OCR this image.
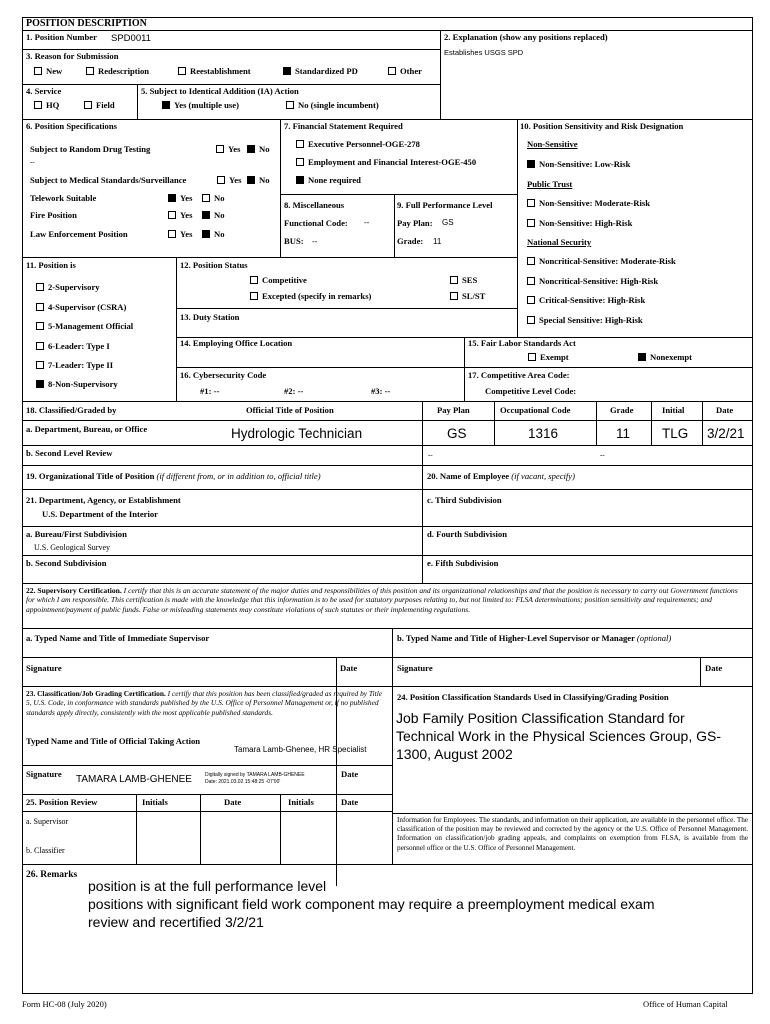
POSITION DESCRIPTION
1. Position Number SPD0011	2. Explanation (show any positions replaced)
Establishes USGS SPD
3. Reason for Submission
New	Redescription	Reestablishment	Standardized PD	Other
4. Service
HQ	Field
5. Subject to Identical Addition (IA) Action
Yes (multiple use)	No (single incumbent)
6. Position Specifications
Subject to Random Drug Testing	Yes	No
--
Subject to Medical Standards/Surveillance	Yes	No
Telework Suitable	Yes	No
Fire Position	Yes	No
Law Enforcement Position	Yes	No
7. Financial Statement Required
Executive Personnel-OGE-278
Employment and Financial Interest-OGE-450
None required
8. Miscellaneous
Functional Code: --
BUS: --
9. Full Performance Level
Pay Plan: GS
Grade: 11
10. Position Sensitivity and Risk Designation
Non-Sensitive
Non-Sensitive: Low-Risk
Public Trust
Non-Sensitive: Moderate-Risk
Non-Sensitive: High-Risk
National Security
Noncritical-Sensitive: Moderate-Risk
Noncritical-Sensitive: High-Risk
Critical-Sensitive: High-Risk
Special Sensitive: High-Risk
11. Position is
2-Supervisory
4-Supervisor (CSRA)
5-Management Official
6-Leader: Type I
7-Leader: Type II
8-Non-Supervisory
12. Position Status
Competitive
Excepted (specify in remarks)
SES
SL/ST
13. Duty Station
14. Employing Office Location	15. Fair Labor Standards Act
Exempt	Nonexempt
16. Cybersecurity Code
#1: --	#2: --	#3: --
17. Competitive Area Code:
Competitive Level Code:
18. Classified/Graded by	Official Title of Position	Pay Plan	Occupational Code	Grade	Initial	Date
a. Department, Bureau, or Office	Hydrologic Technician	GS	1316	11 TLG 3/2/21
b. Second Level Review	--	--
19. Organizational Title of Position (if different from, or in addition to, official title)	20. Name of Employee (if vacant, specify)
21. Department, Agency, or Establishment
U.S. Department of the Interior
c. Third Subdivision
a. Bureau/First Subdivision
U.S. Geological Survey
d. Fourth Subdivision
b. Second Subdivision	e. Fifth Subdivision
22. Supervisory Certification. I certify that this is an accurate statement of the major duties and responsibilities of this position and its organizational relationships and that the position is necessary to carry out Government functions for which I am responsible. This certification is made with the knowledge that this information is to be used for statutory purposes relating to, but not limited to: FLSA determinations; position sensitivity and requirements; and appointment/payment of public funds. False or misleading statements may constitute violations of such statutes or their implementing regulations.
a. Typed Name and Title of Immediate Supervisor	b. Typed Name and Title of Higher-Level Supervisor or Manager (optional)
Signature	Date	Signature	Date
23. Classification/Job Grading Certification. I certify that this position has been classified/graded as required by Title 5, U.S. Code, in conformance with standards published by the U.S. Office of Personnel Management or, if no published standards apply directly, consistently with the most applicable published standards.
Typed Name and Title of Official Taking Action
Tamara Lamb-Ghenee, HR Specialist
Signature TAMARA LAMB-GHENEE	Digitally signed by TAMARA LAMB-GHENEE
Date: 2021.03.02 15:48:25 -07'00'
Date
24. Position Classification Standards Used in Classifying/Grading Position
Job Family Position Classification Standard for Technical Work in the Physical Sciences Group, GS-1300, August 2002
Information for Employees. The standards, and information on their application, are available in the personnel office. The classification of the position may be reviewed and corrected by the agency or the U.S. Office of Personnel Management. Information on classification/job grading appeals, and complaints on exemption from FLSA, is available from the personnel office or the U.S. Office of Personnel Management.
25. Position Review	Initials	Date	Initials	Date
a. Supervisor
b. Classifier
26. Remarks
position is at the full performance level
positions with significant field work component may require a preemployment medical exam
review and recertified 3/2/21
Form HC-08 (July 2020)	Office of Human Capital
